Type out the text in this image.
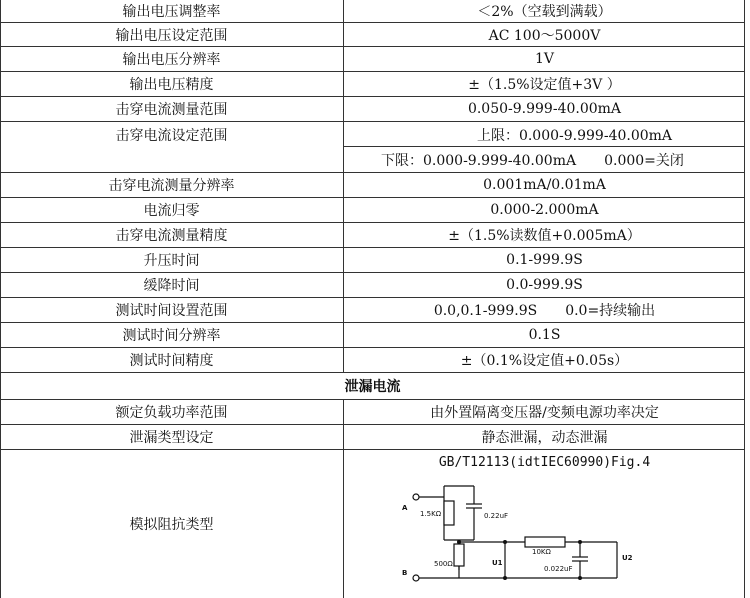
输出电压调整率	＜2%（空载到满载）
输出电压设定范围	AC 100～5000V
输出电压分辨率	1V
输出电压精度	±（1.5%设定值+3V ）
击穿电流测量范围	0.050-9.999-40.00mA
击穿电流设定范围	上限：0.000-9.999-40.00mA
下限：0.000-9.999-40.00mA　　0.000=关闭
击穿电流测量分辨率	0.001mA/0.01mA
电流归零	0.000-2.000mA
击穿电流测量精度	±（1.5%读数值+0.005mA）
升压时间	0.1-999.9S
缓降时间	0.0-999.9S
测试时间设置范围	0.0,0.1-999.9S　　0.0=持续输出
测试时间分辨率	0.1S
测试时间精度	±（0.1%设定值+0.05s）
泄漏电流
额定负载功率范围	由外置隔离变压器/变频电源功率决定
泄漏类型设定	静态泄漏，动态泄漏
模拟阻抗类型
GB/T12113(idtIEC60990)Fig.4
A
B
1.5KΩ	0.22uF
500Ω
10KΩ
0.022uF
U1
U2
